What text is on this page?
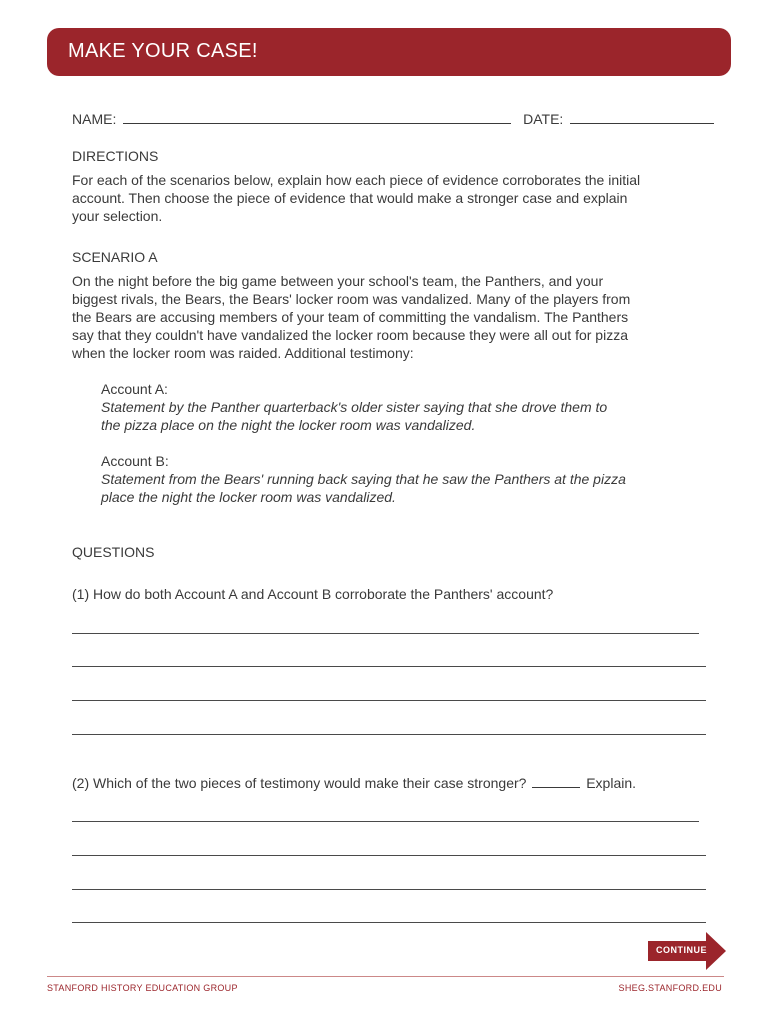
MAKE YOUR CASE!
NAME:	DATE:

DIRECTIONS

For each of the scenarios below, explain how each piece of evidence corroborates the initial
account. Then choose the piece of evidence that would make a stronger case and explain
your selection.

SCENARIO A

On the night before the big game between your school's team, the Panthers, and your
biggest rivals, the Bears, the Bears' locker room was vandalized. Many of the players from
the Bears are accusing members of your team of committing the vandalism. The Panthers
say that they couldn't have vandalized the locker room because they were all out for pizza
when the locker room was raided. Additional testimony:

Account A:

Statement by the Panther quarterback's older sister saying that she drove them to
the pizza place on the night the locker room was vandalized.

Account B:

Statement from the Bears' running back saying that he saw the Panthers at the pizza
place the night the locker room was vandalized.

QUESTIONS

(1) How do both Account A and Account B corroborate the Panthers' account?

(2) Which of the two pieces of testimony would make their case stronger?	Explain.
CONTINUE
STANFORD HISTORY EDUCATION GROUP	SHEG.STANFORD.EDU
